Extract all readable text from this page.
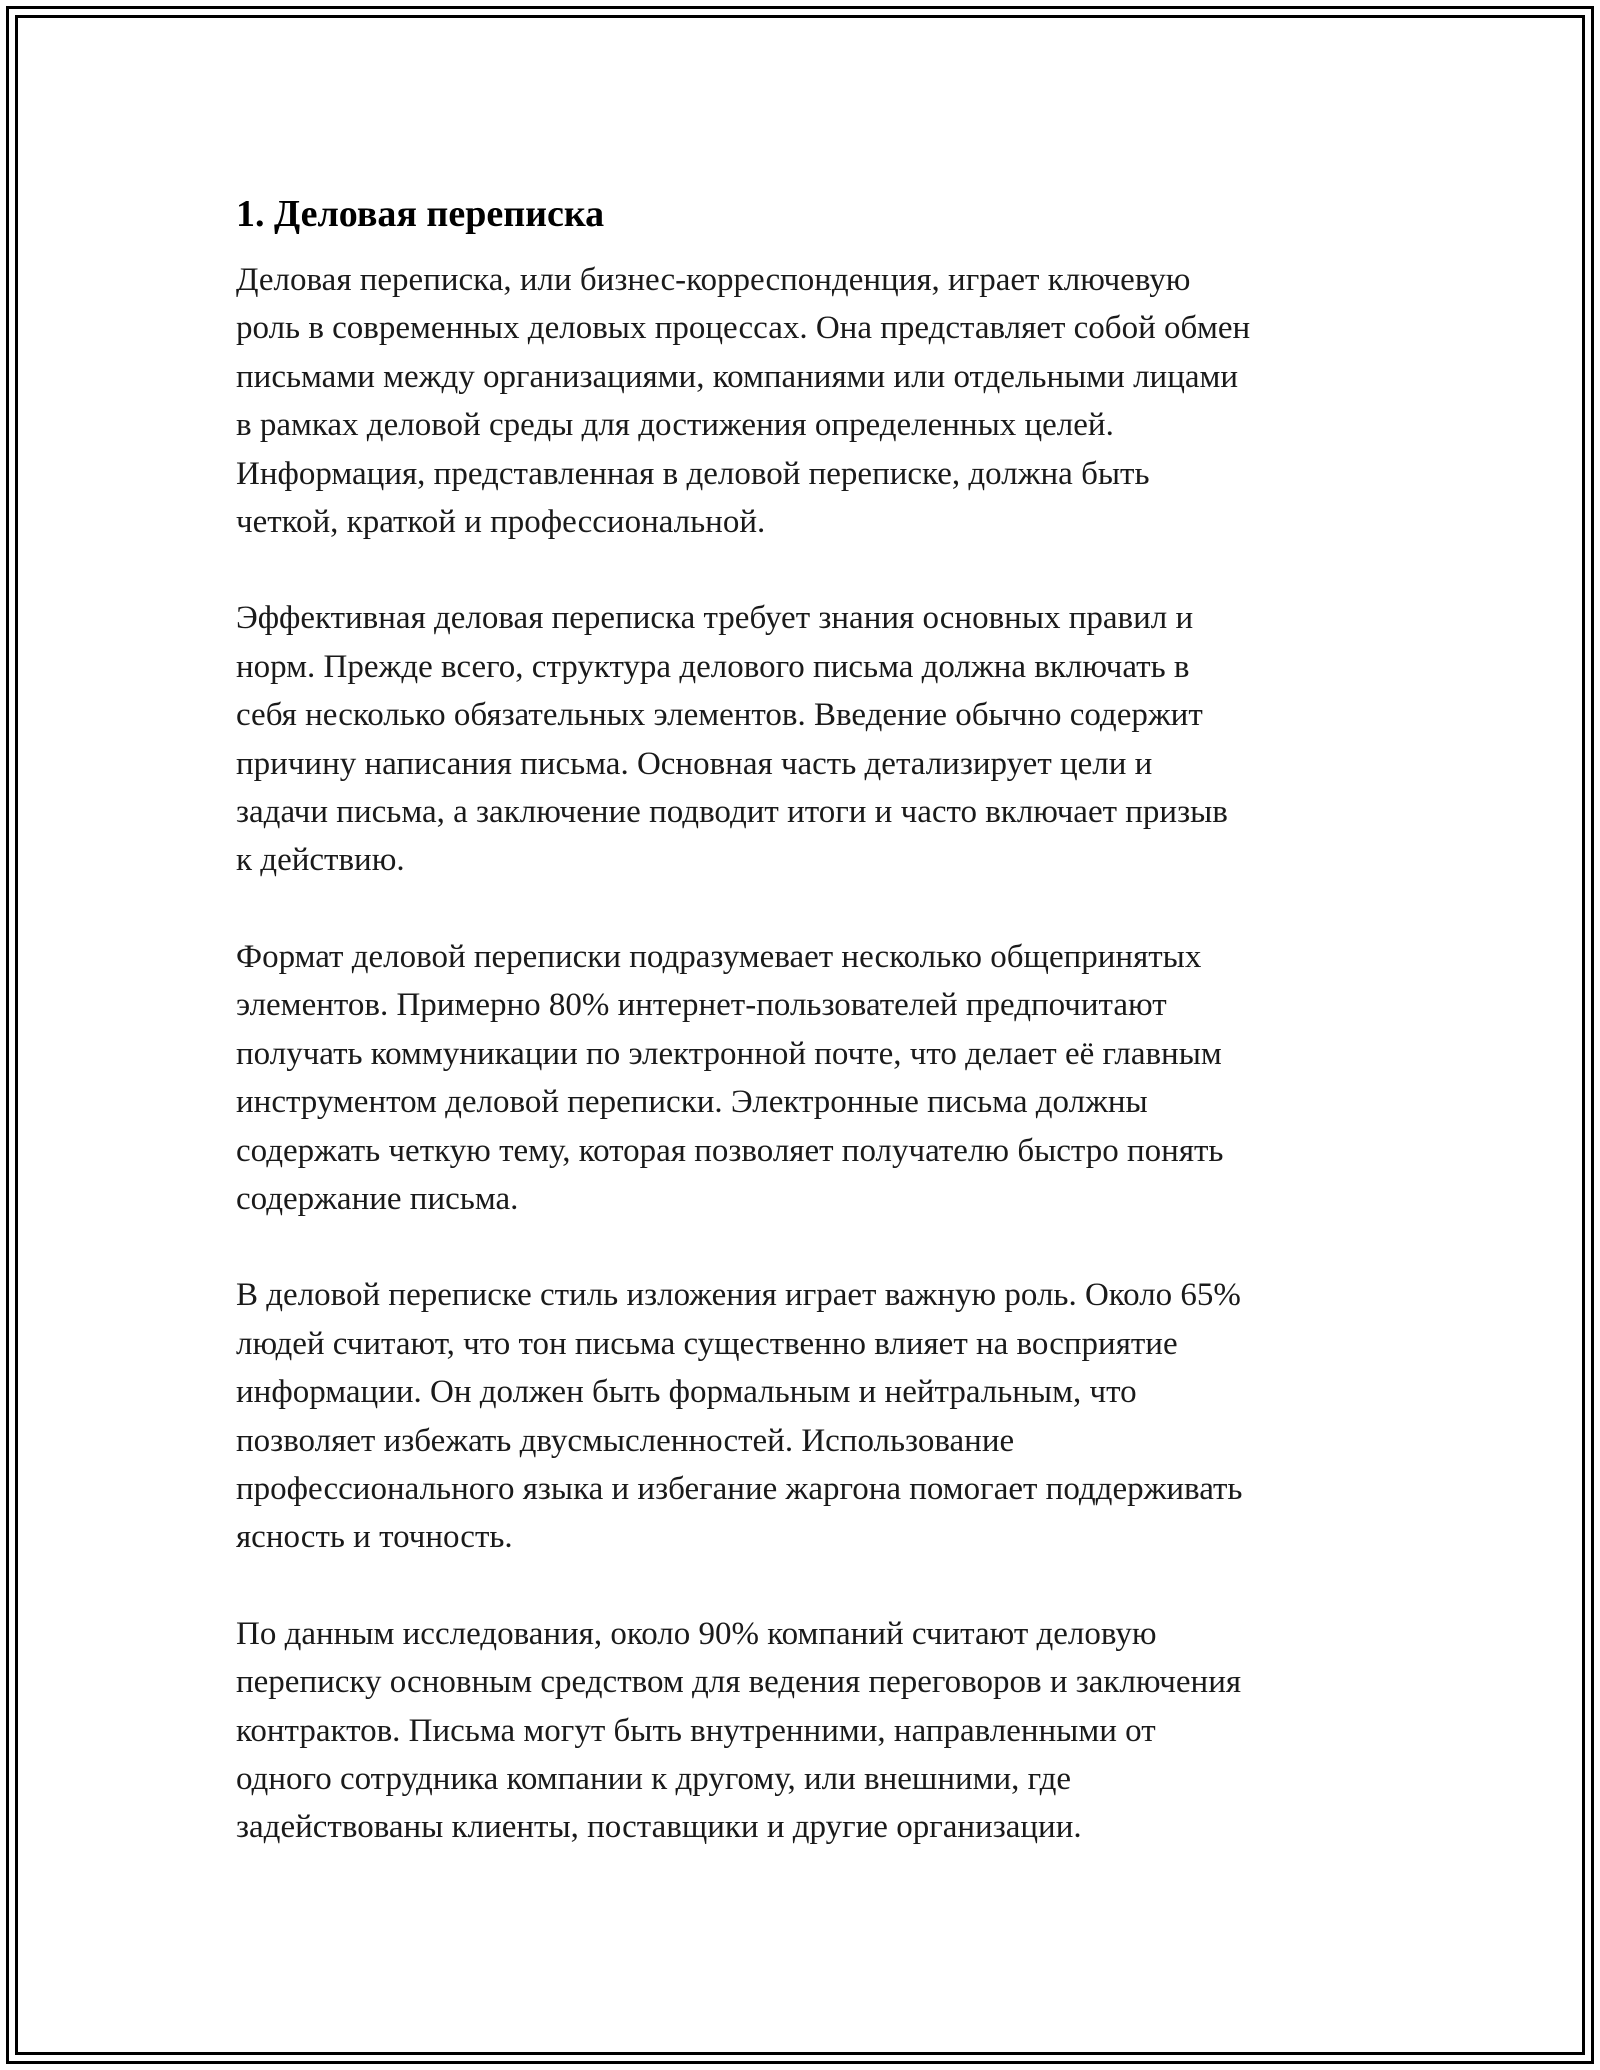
1. Деловая переписка

Деловая переписка, или бизнес-корреспонденция, играет ключевую
роль в современных деловых процессах. Она представляет собой обмен
письмами между организациями, компаниями или отдельными лицами
в рамках деловой среды для достижения определенных целей.
Информация, представленная в деловой переписке, должна быть
четкой, краткой и профессиональной.

Эффективная деловая переписка требует знания основных правил и
норм. Прежде всего, структура делового письма должна включать в
себя несколько обязательных элементов. Введение обычно содержит
причину написания письма. Основная часть детализирует цели и
задачи письма, а заключение подводит итоги и часто включает призыв
к действию.

Формат деловой переписки подразумевает несколько общепринятых
элементов. Примерно 80% интернет-пользователей предпочитают
получать коммуникации по электронной почте, что делает её главным
инструментом деловой переписки. Электронные письма должны
содержать четкую тему, которая позволяет получателю быстро понять
содержание письма.

В деловой переписке стиль изложения играет важную роль. Около 65%
людей считают, что тон письма существенно влияет на восприятие
информации. Он должен быть формальным и нейтральным, что
позволяет избежать двусмысленностей. Использование
профессионального языка и избегание жаргона помогает поддерживать
ясность и точность.

По данным исследования, около 90% компаний считают деловую
переписку основным средством для ведения переговоров и заключения
контрактов. Письма могут быть внутренними, направленными от
одного сотрудника компании к другому, или внешними, где
задействованы клиенты, поставщики и другие организации.
